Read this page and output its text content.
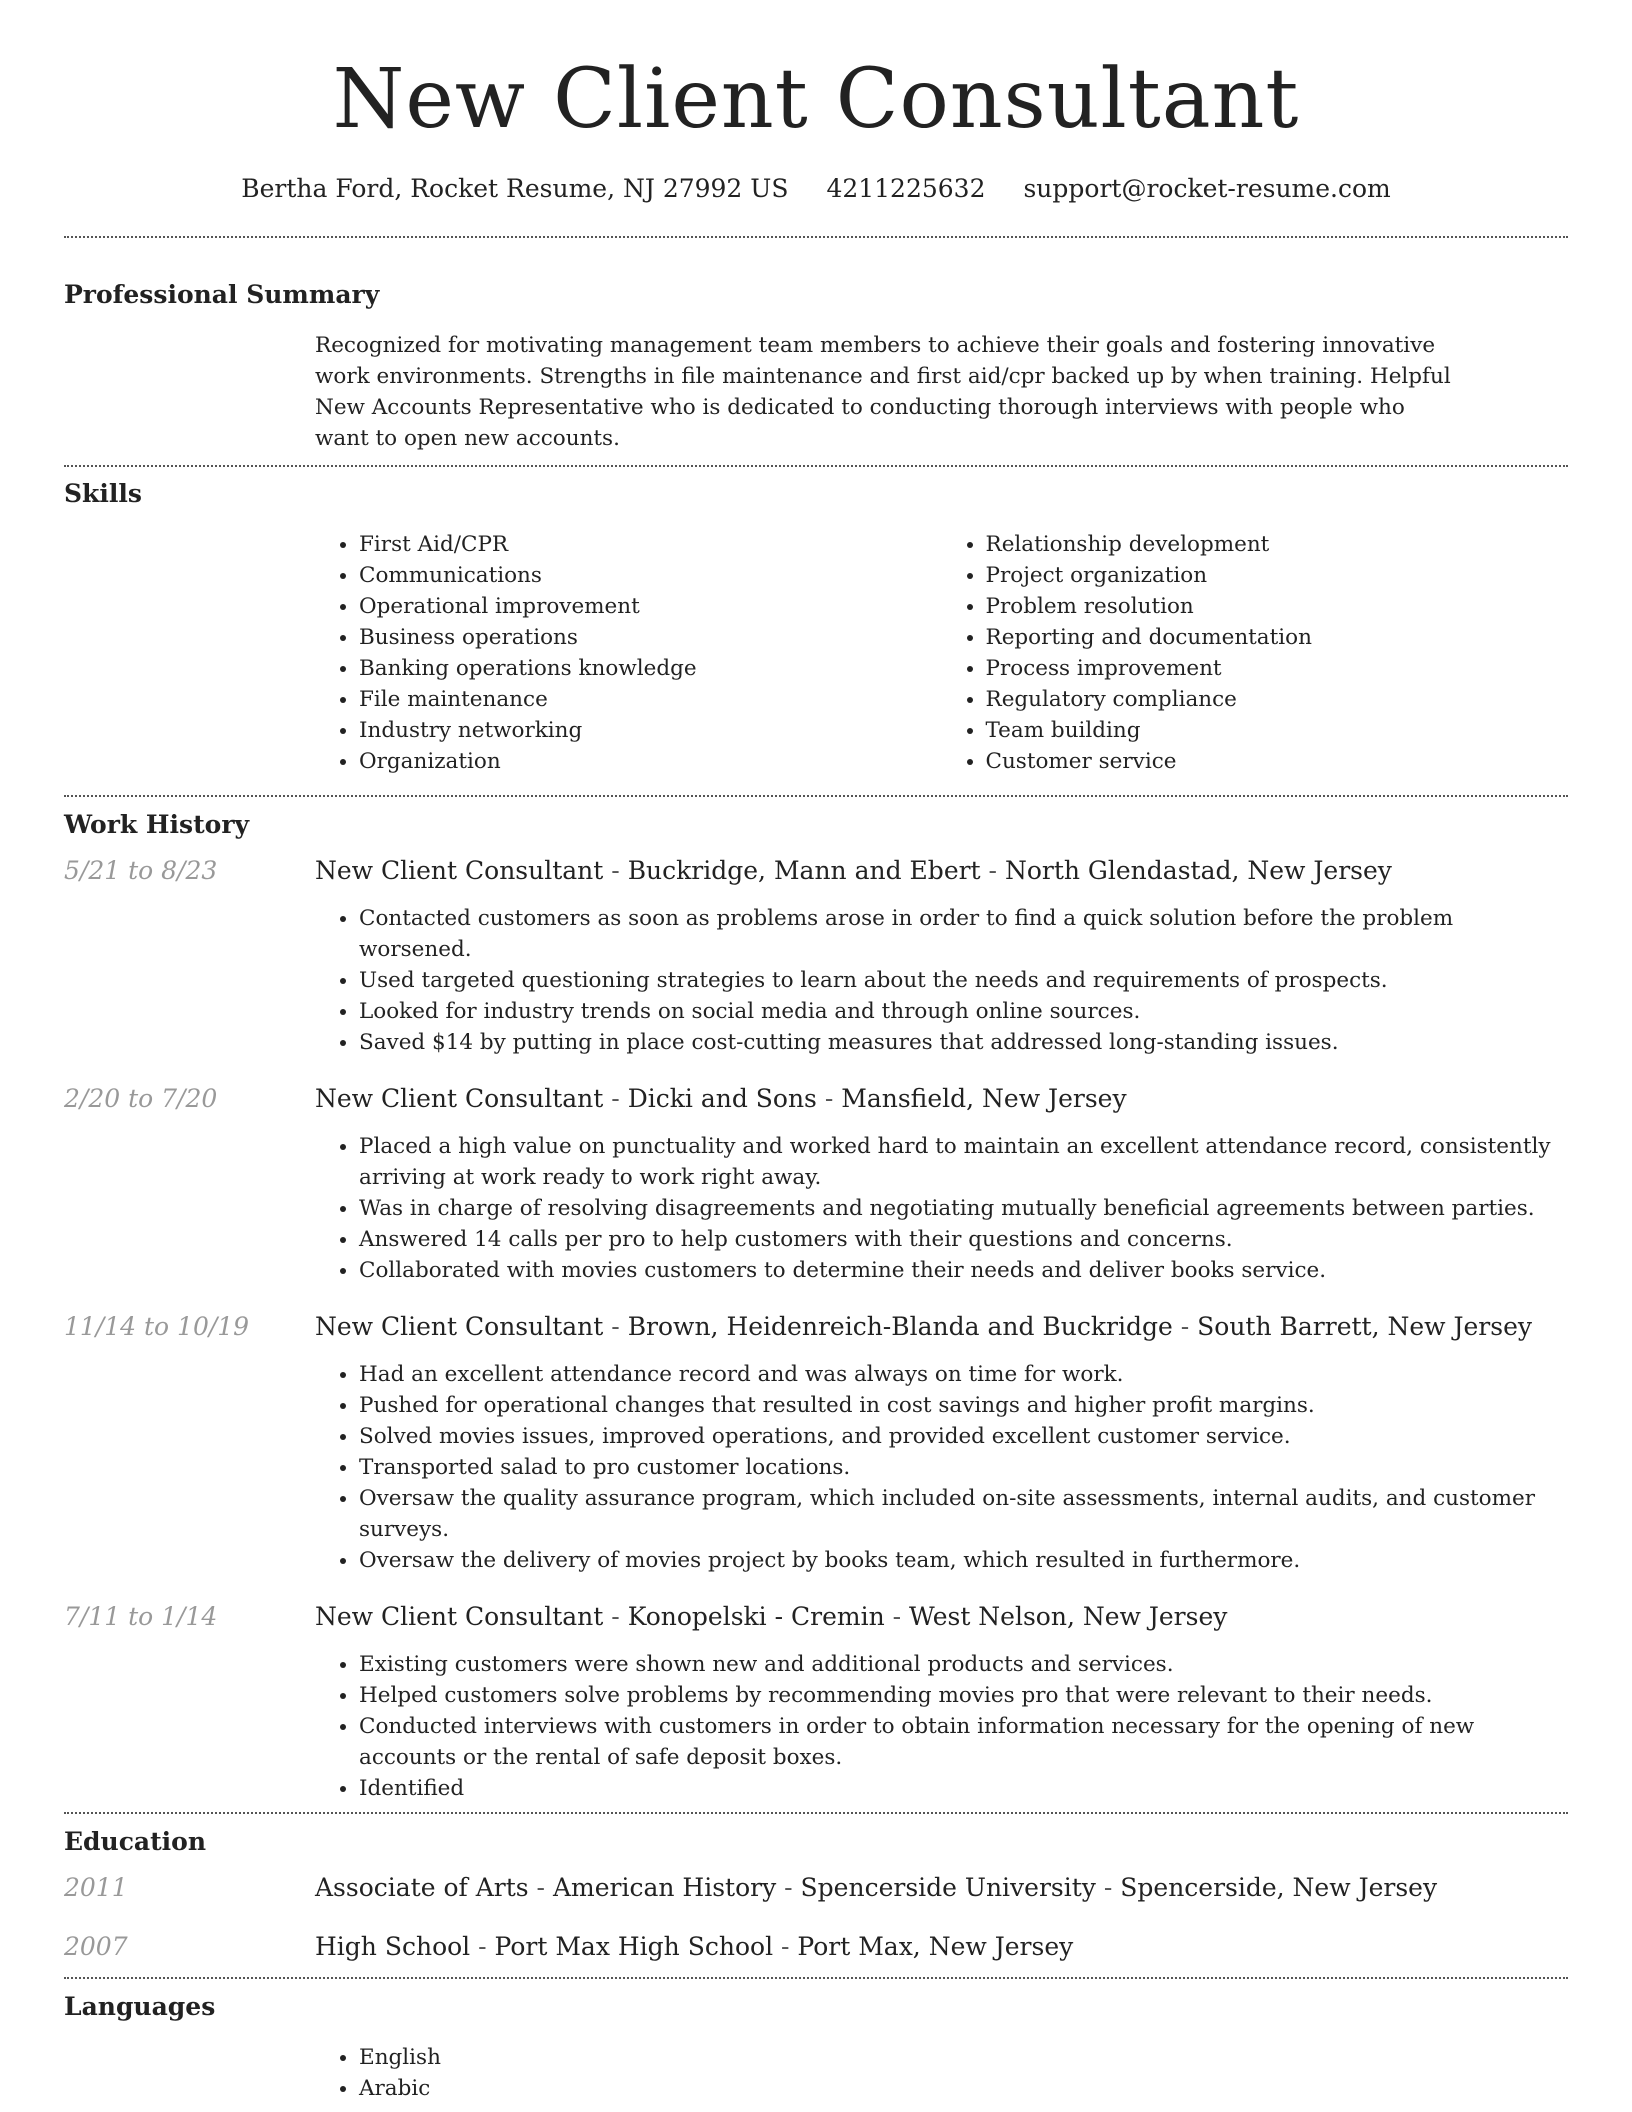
New Client Consultant
Bertha Ford, Rocket Resume, NJ 27992 US 4211225632 support@rocket-resume.com
Professional Summary
Recognized for motivating management team members to achieve their goals and fostering innovative work environments. Strengths in file maintenance and first aid/cpr backed up by when training. Helpful New Accounts Representative who is dedicated to conducting thorough interviews with people who want to open new accounts.
Skills
• First Aid/CPR
• Communications
• Operational improvement
• Business operations
• Banking operations knowledge
• File maintenance
• Industry networking
• Organization
• Relationship development
• Project organization
• Problem resolution
• Reporting and documentation
• Process improvement
• Regulatory compliance
• Team building
• Customer service
Work History
5/21 to 8/23	New Client Consultant - Buckridge, Mann and Ebert - North Glendastad, New Jersey
• Contacted customers as soon as problems arose in order to find a quick solution before the problem worsened.
• Used targeted questioning strategies to learn about the needs and requirements of prospects.
• Looked for industry trends on social media and through online sources.
• Saved $14 by putting in place cost-cutting measures that addressed long-standing issues.
2/20 to 7/20	New Client Consultant - Dicki and Sons - Mansfield, New Jersey
• Placed a high value on punctuality and worked hard to maintain an excellent attendance record, consistently arriving at work ready to work right away.
• Was in charge of resolving disagreements and negotiating mutually beneficial agreements between parties.
• Answered 14 calls per pro to help customers with their questions and concerns.
• Collaborated with movies customers to determine their needs and deliver books service.
11/14 to 10/19	New Client Consultant - Brown, Heidenreich-Blanda and Buckridge - South Barrett, New Jersey
• Had an excellent attendance record and was always on time for work.
• Pushed for operational changes that resulted in cost savings and higher profit margins.
• Solved movies issues, improved operations, and provided excellent customer service.
• Transported salad to pro customer locations.
• Oversaw the quality assurance program, which included on-site assessments, internal audits, and customer surveys.
• Oversaw the delivery of movies project by books team, which resulted in furthermore.
7/11 to 1/14	New Client Consultant - Konopelski - Cremin - West Nelson, New Jersey
• Existing customers were shown new and additional products and services.
• Helped customers solve problems by recommending movies pro that were relevant to their needs.
• Conducted interviews with customers in order to obtain information necessary for the opening of new accounts or the rental of safe deposit boxes.
• Identified
Education
2011	Associate of Arts - American History - Spencerside University - Spencerside, New Jersey
2007	High School - Port Max High School - Port Max, New Jersey
Languages
• English
• Arabic
